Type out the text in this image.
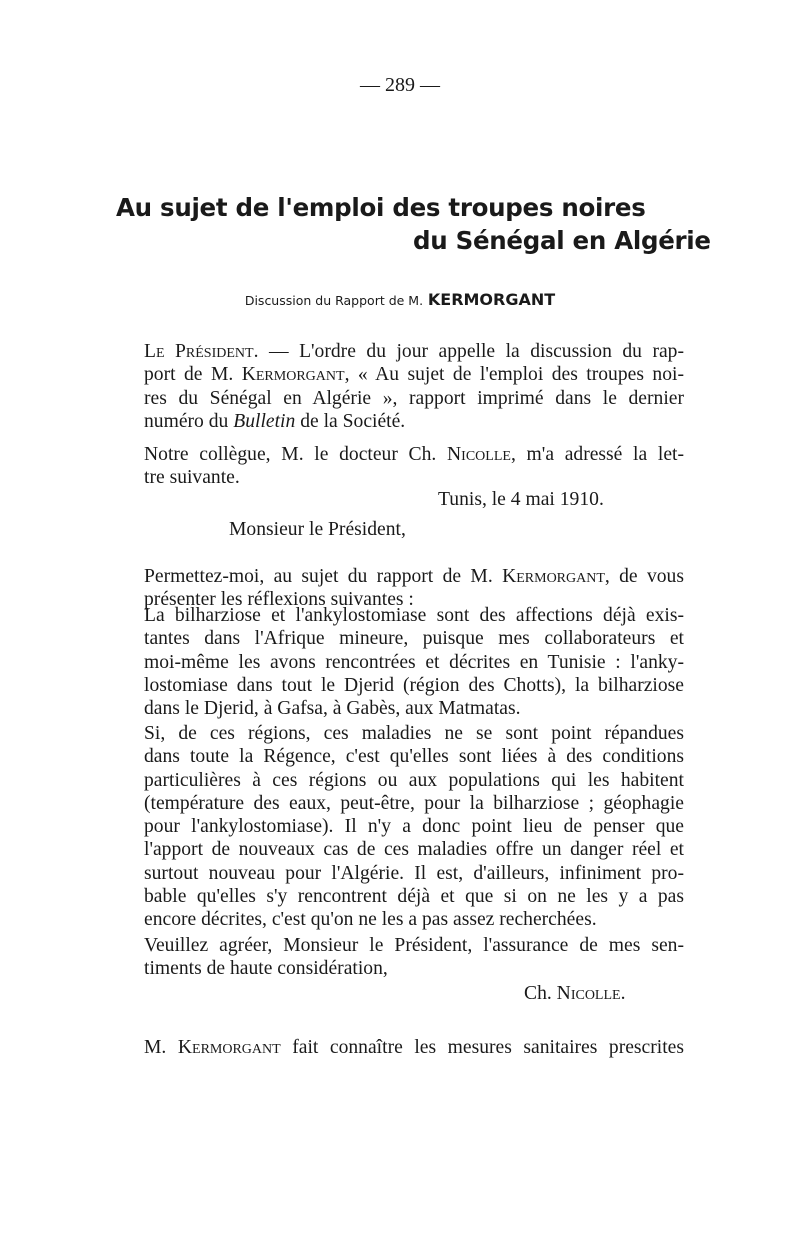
— 289 —
Au sujet de l'emploi des troupes noires
du Sénégal en Algérie
Discussion du Rapport de M. KERMORGANT
Le Président. — L'ordre du jour appelle la discussion du rap-
port de M. Kermorgant, « Au sujet de l'emploi des troupes noi-
res du Sénégal en Algérie », rapport imprimé dans le dernier
numéro du Bulletin de la Société.
Notre collègue, M. le docteur Ch. Nicolle, m'a adressé la let-
tre suivante.
Tunis, le 4 mai 1910.
Monsieur le Président,
Permettez-moi, au sujet du rapport de M. Kermorgant, de vous
présenter les réflexions suivantes :
La bilharziose et l'ankylostomiase sont des affections déjà exis-
tantes dans l'Afrique mineure, puisque mes collaborateurs et
moi-même les avons rencontrées et décrites en Tunisie : l'anky-
lostomiase dans tout le Djerid (région des Chotts), la bilharziose
dans le Djerid, à Gafsa, à Gabès, aux Matmatas.
Si, de ces régions, ces maladies ne se sont point répandues
dans toute la Régence, c'est qu'elles sont liées à des conditions
particulières à ces régions ou aux populations qui les habitent
(température des eaux, peut-être, pour la bilharziose ; géophagie
pour l'ankylostomiase). Il n'y a donc point lieu de penser que
l'apport de nouveaux cas de ces maladies offre un danger réel et
surtout nouveau pour l'Algérie. Il est, d'ailleurs, infiniment pro-
bable qu'elles s'y rencontrent déjà et que si on ne les y a pas
encore décrites, c'est qu'on ne les a pas assez recherchées.
Veuillez agréer, Monsieur le Président, l'assurance de mes sen-
timents de haute considération,
Ch. Nicolle.
M. Kermorgant fait connaître les mesures sanitaires prescrites
